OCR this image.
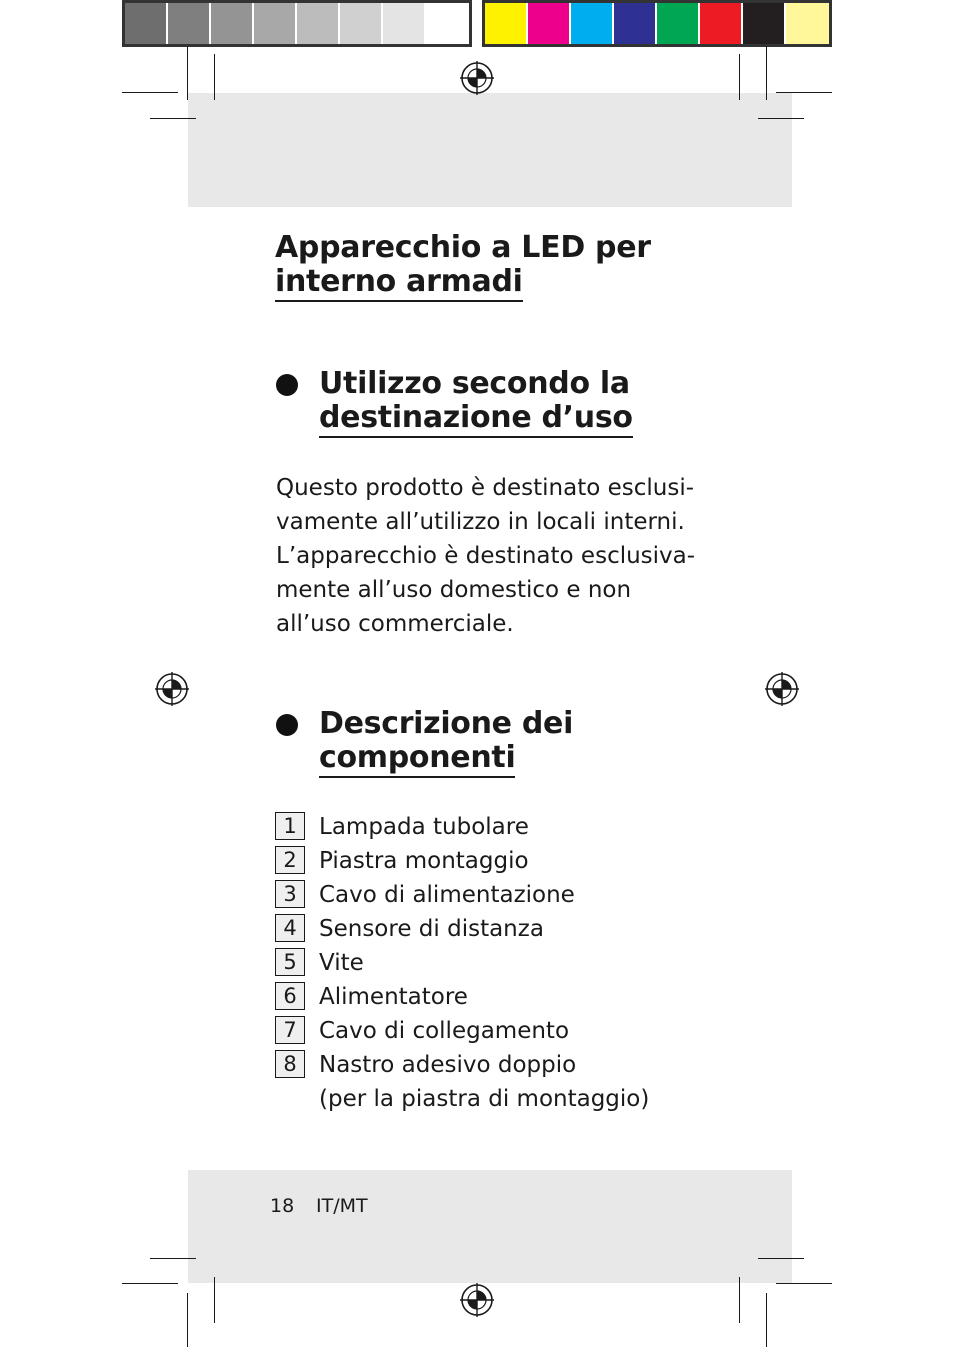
Apparecchio a LED per
interno armadi
Utilizzo secondo la
destinazione d’uso
Questo prodotto è destinato esclusi-
vamente all’utilizzo in locali interni.
L’apparecchio è destinato esclusiva-
mente all’uso domestico e non
all’uso commerciale.
Descrizione dei
componenti
1 Lampada tubolare
2 Piastra montaggio
3 Cavo di alimentazione
4 Sensore di distanza
5 Vite
6 Alimentatore
7 Cavo di collegamento
8 Nastro adesivo doppio
(per la piastra di montaggio)
18 IT/MT
